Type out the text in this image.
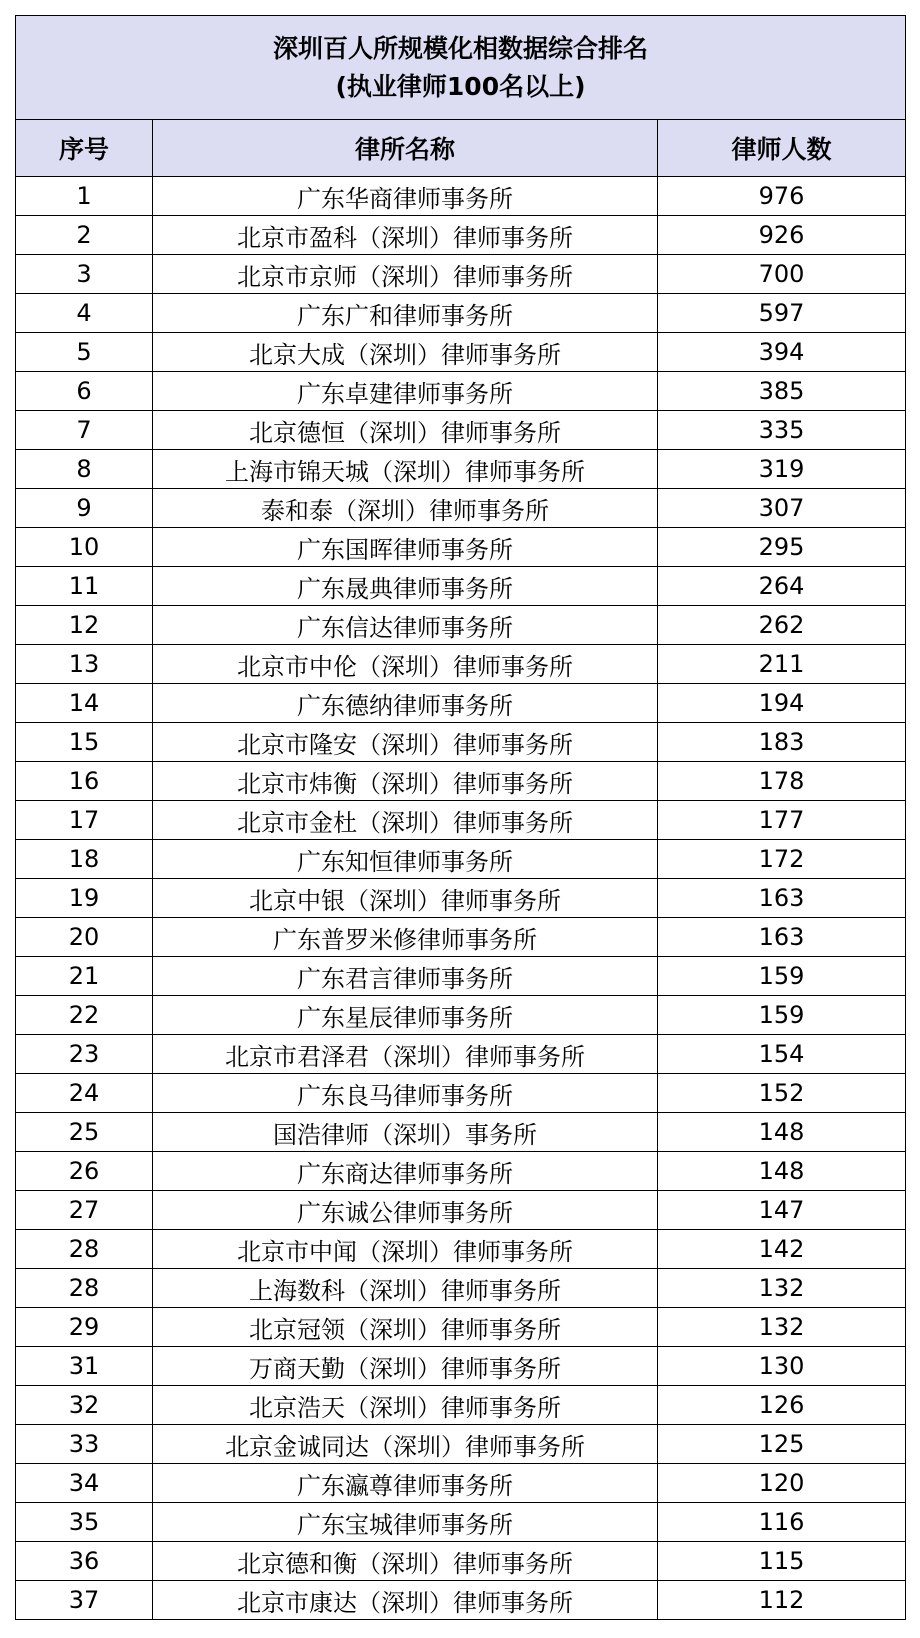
深圳百人所规模化相数据综合排名
(执业律师100名以上)		

序号	律所名称	律师人数
1	广东华商律师事务所	976
2	北京市盈科（深圳）律师事务所	926
3	北京市京师（深圳）律师事务所	700
4	广东广和律师事务所	597
5	北京大成（深圳）律师事务所	394
6	广东卓建律师事务所	385
7	北京德恒（深圳）律师事务所	335
8	上海市锦天城（深圳）律师事务所	319
9	泰和泰（深圳）律师事务所	307
10	广东国晖律师事务所	295
11	广东晟典律师事务所	264
12	广东信达律师事务所	262
13	北京市中伦（深圳）律师事务所	211
14	广东德纳律师事务所	194
15	北京市隆安（深圳）律师事务所	183
16	北京市炜衡（深圳）律师事务所	178
17	北京市金杜（深圳）律师事务所	177
18	广东知恒律师事务所	172
19	北京中银（深圳）律师事务所	163
20	广东普罗米修律师事务所	163
21	广东君言律师事务所	159
22	广东星辰律师事务所	159
23	北京市君泽君（深圳）律师事务所	154
24	广东良马律师事务所	152
25	国浩律师（深圳）事务所	148
26	广东商达律师事务所	148
27	广东诚公律师事务所	147
28	北京市中闻（深圳）律师事务所	142
28	上海数科（深圳）律师事务所	132
29	北京冠领（深圳）律师事务所	132
31	万商天勤（深圳）律师事务所	130
32	北京浩天（深圳）律师事务所	126
33	北京金诚同达（深圳）律师事务所	125
34	广东瀛尊律师事务所	120
35	广东宝城律师事务所	116
36	北京德和衡（深圳）律师事务所	115
37	北京市康达（深圳）律师事务所	112
